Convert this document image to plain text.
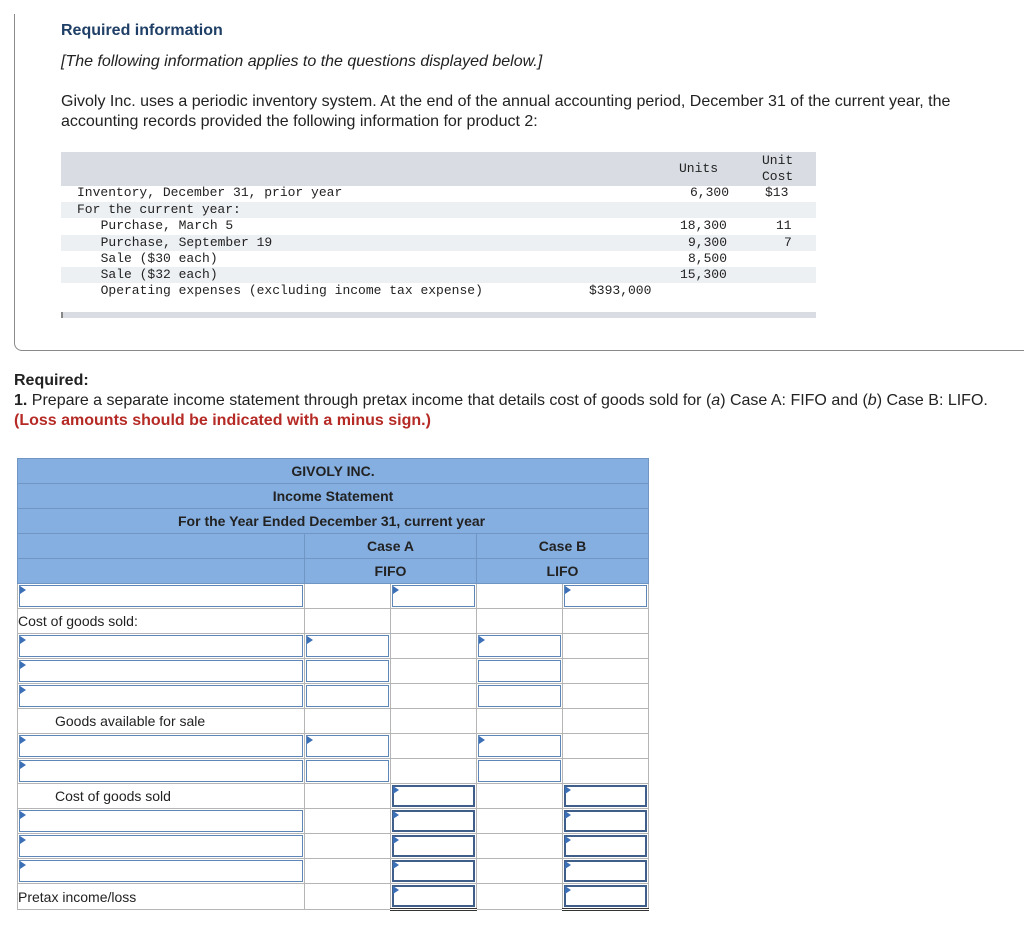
Required information
[The following information applies to the questions displayed below.]
Givoly Inc. uses a periodic inventory system. At the end of the annual accounting period, December 31 of the current year, the accounting records provided the following information for product 2:
Units
Unit
Cost
Inventory, December 31, prior year	6,300	$13
For the current year:
Purchase, March 5	18,300	11
Purchase, September 19	9,300	7
Sale ($30 each)	8,500
Sale ($32 each)	15,300
Operating expenses (excluding income tax expense)	$393,000
Required:
1. Prepare a separate income statement through pretax income that details cost of goods sold for (a) Case A: FIFO and (b) Case B: LIFO. (Loss amounts should be indicated with a minus sign.)
GIVOLY INC.				
Income Statement				
For the Year Ended December 31, current year				
	Case A		Case B	
	FIFO		LIFO	

Cost of goods sold:				

Goods available for sale				

Cost of goods sold		

Pretax income/loss		
